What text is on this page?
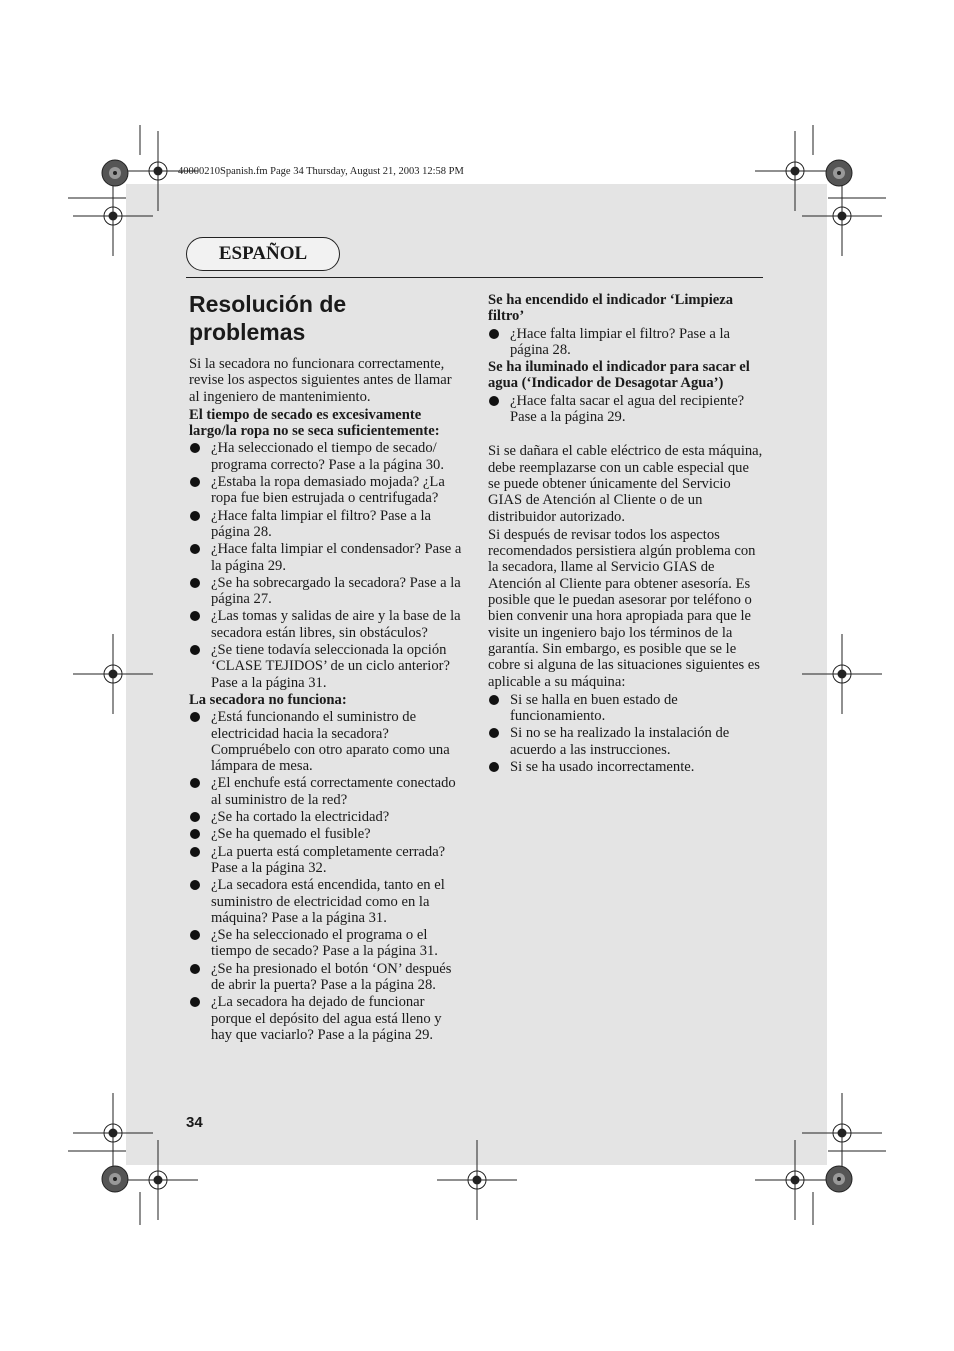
40000210Spanish.fm Page 34 Thursday, August 21, 2003 12:58 PM
ESPAÑOL
Resolución de problemas

Si la secadora no funcionara correctamente, revise los aspectos siguientes antes de llamar al ingeniero de mantenimiento.

El tiempo de secado es excesivamente largo/la ropa no se seca suficientemente:

¿Ha seleccionado el tiempo de secado/ programa correcto? Pase a la página 30.
¿Estaba la ropa demasiado mojada? ¿La ropa fue bien estrujada o centrifugada?
¿Hace falta limpiar el filtro? Pase a la página 28.
¿Hace falta limpiar el condensador? Pase a la página 29.
¿Se ha sobrecargado la secadora? Pase a la página 27.
¿Las tomas y salidas de aire y la base de la secadora están libres, sin obstáculos?
¿Se tiene todavía seleccionada la opción ‘CLASE TEJIDOS’ de un ciclo anterior? Pase a la página 31.

La secadora no funciona:

¿Está funcionando el suministro de electricidad hacia la secadora? Compruébelo con otro aparato como una lámpara de mesa.
¿El enchufe está correctamente conectado al suministro de la red?
¿Se ha cortado la electricidad?
¿Se ha quemado el fusible?
¿La puerta está completamente cerrada? Pase a la página 32.
¿La secadora está encendida, tanto en el suministro de electricidad como en la máquina? Pase a la página 31.
¿Se ha seleccionado el programa o el tiempo de secado? Pase a la página 31.
¿Se ha presionado el botón ‘ON’ después de abrir la puerta? Pase a la página 28.
¿La secadora ha dejado de funcionar porque el depósito del agua está lleno y hay que vaciarlo? Pase a la página 29.

Se ha encendido el indicador ‘Limpieza filtro’

¿Hace falta limpiar el filtro? Pase a la página 28.

Se ha iluminado el indicador para sacar el agua (‘Indicador de Desagotar Agua’)

¿Hace falta sacar el agua del recipiente? Pase a la página 29.

Si se dañara el cable eléctrico de esta máquina, debe reemplazarse con un cable especial que se puede obtener únicamente del Servicio GIAS de Atención al Cliente o de un distribuidor autorizado.

Si después de revisar todos los aspectos recomendados persistiera algún problema con la secadora, llame al Servicio GIAS de Atención al Cliente para obtener asesoría. Es posible que le puedan asesorar por teléfono o bien convenir una hora apropiada para que le visite un ingeniero bajo los términos de la garantía. Sin embargo, es posible que se le cobre si alguna de las situaciones siguientes es aplicable a su máquina:

Si se halla en buen estado de funcionamiento.
Si no se ha realizado la instalación de acuerdo a las instrucciones.
Si se ha usado incorrectamente.
34
